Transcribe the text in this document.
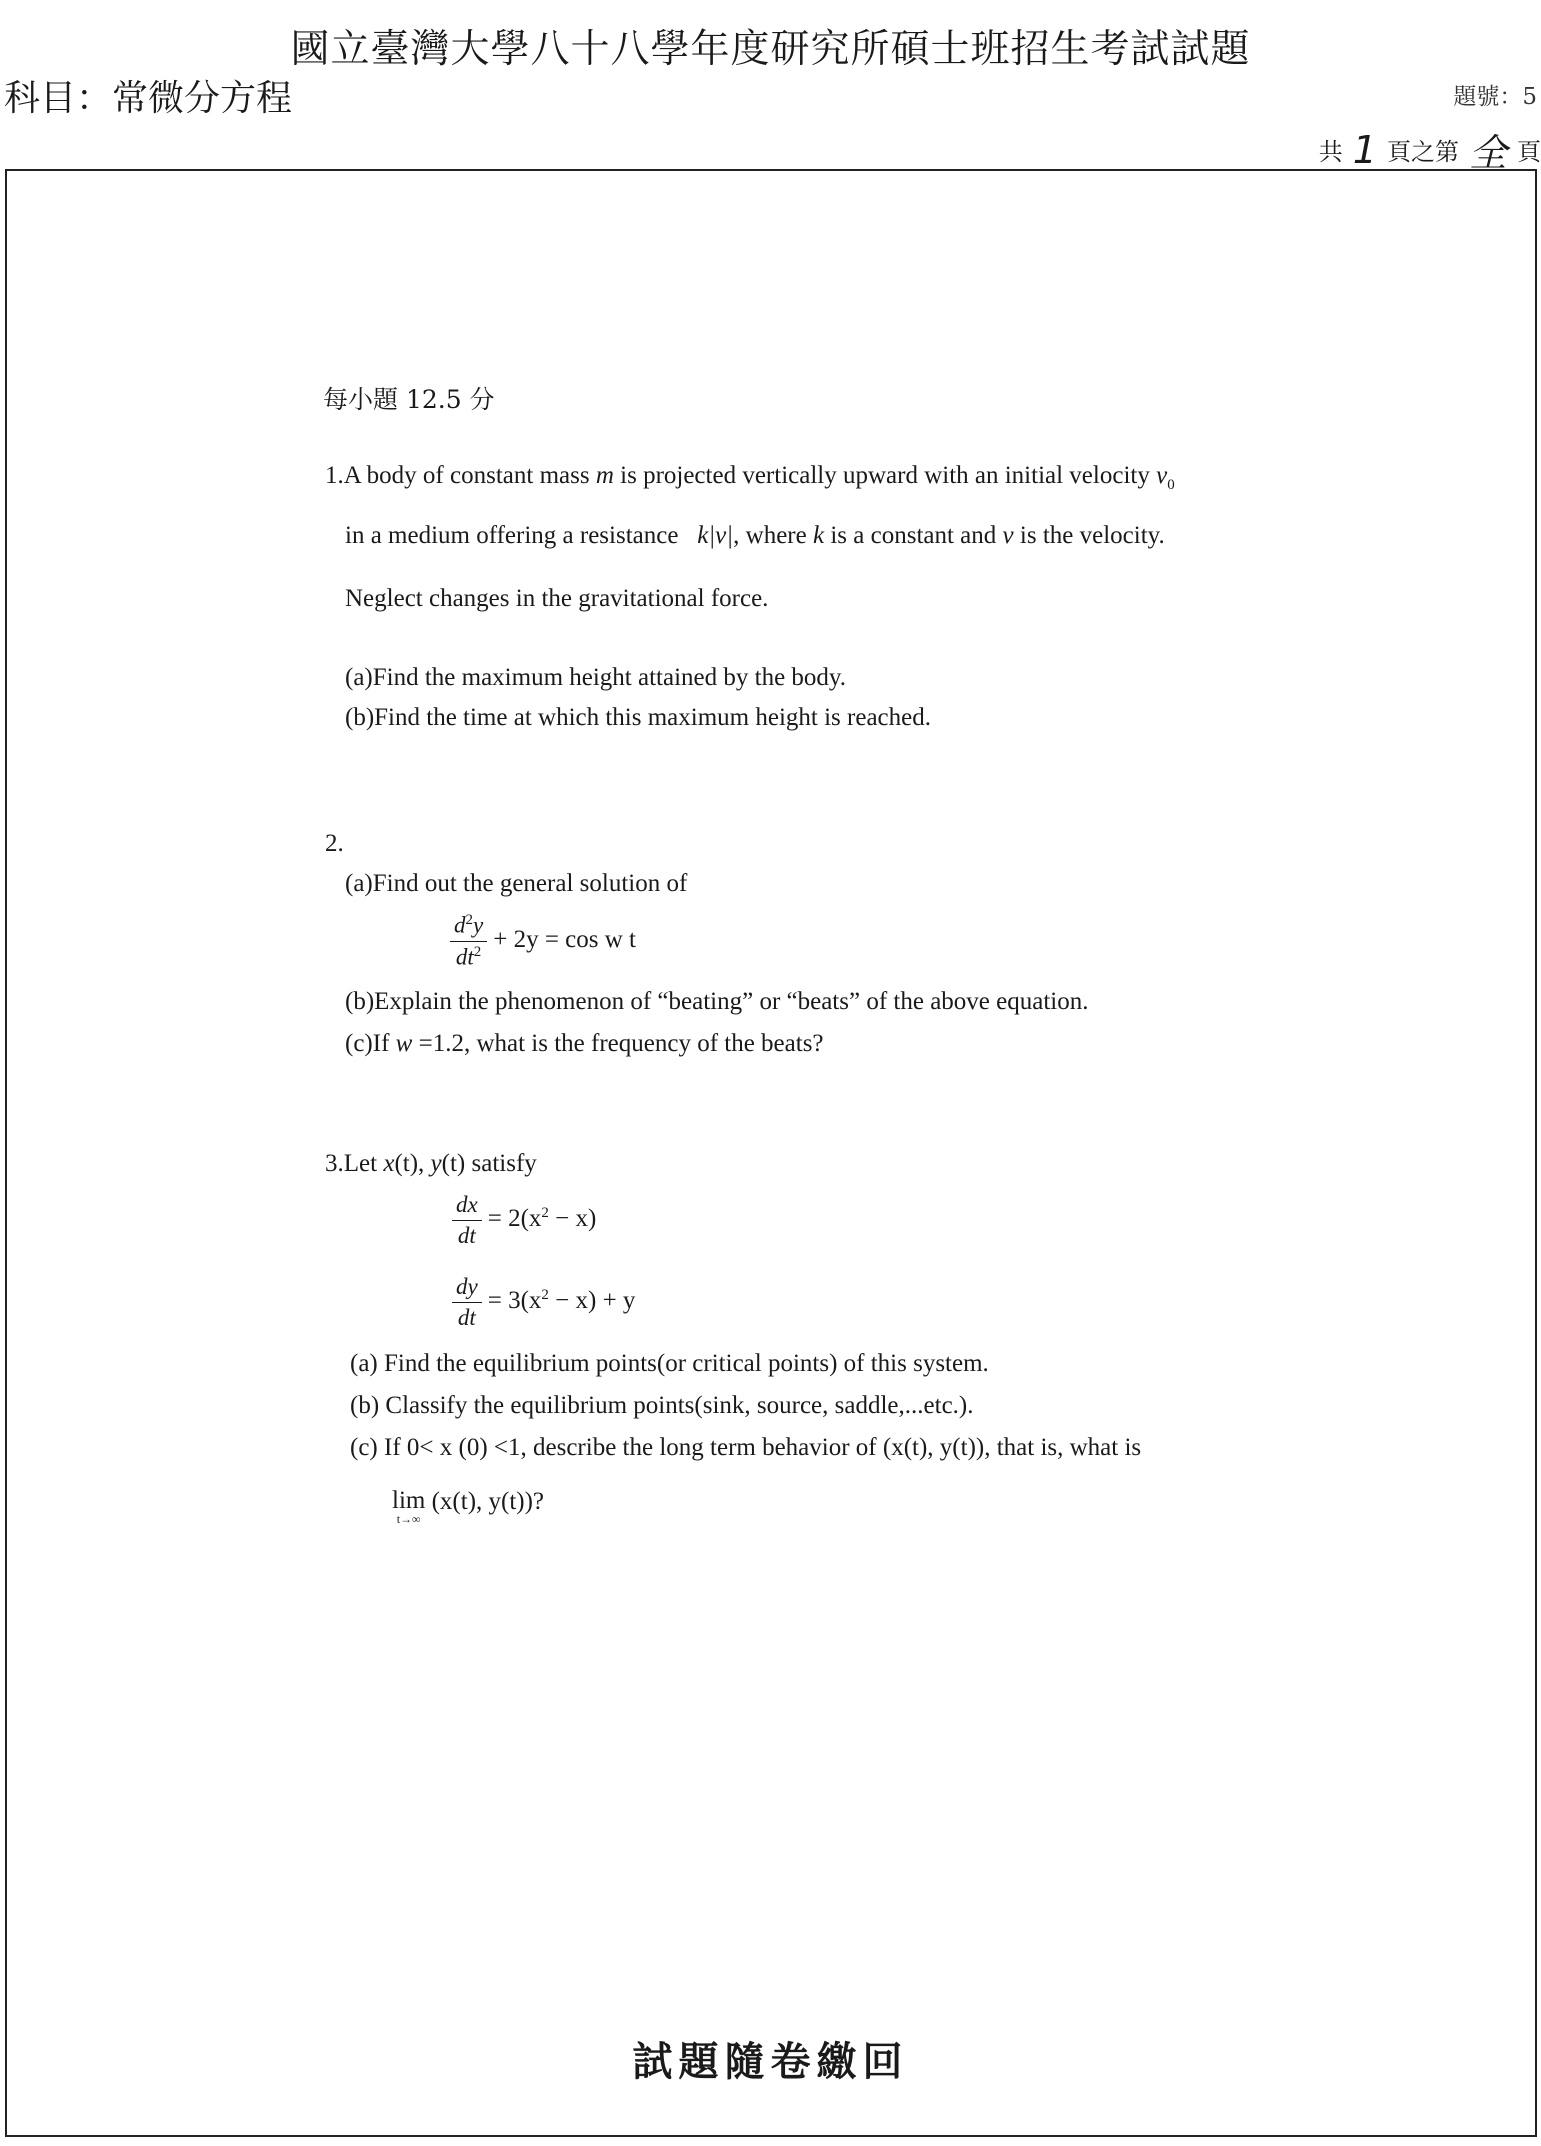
國立臺灣大學八十八學年度研究所碩士班招生考試試題
科目：常微分方程	題號：5
共 1 頁之第 全 頁
每小題 12.5 分
1.A body of constant mass m is projected vertically upward with an initial velocity $v_0$
in a medium offering a resistance   k|v|, where k is a constant and v is the velocity.
Neglect changes in the gravitational force.
(a)Find the maximum height attained by the body.
(b)Find the time at which this maximum height is reached.
2.
(a)Find out the general solution of
$\frac{d^2y}{dt^2} + 2y = \cos w$ t
(b)Explain the phenomenon of “beating” or “beats” of the above equation.
(c)If w =1.2, what is the frequency of the beats?
3.Let x(t), y(t) satisfy
$\frac{dx}{dt} = 2(x^2 - x)$
$\frac{dy}{dt} = 3(x^2 - x) + y$
(a) Find the equilibrium points(or critical points) of this system.
(b) Classify the equilibrium points(sink, source, saddle,...etc.).
(c) If 0< x (0) <1, describe the long term behavior of (x(t), y(t)), that is, what is
lim
t→∞
(x(t), y(t))?
試題隨卷繳回
